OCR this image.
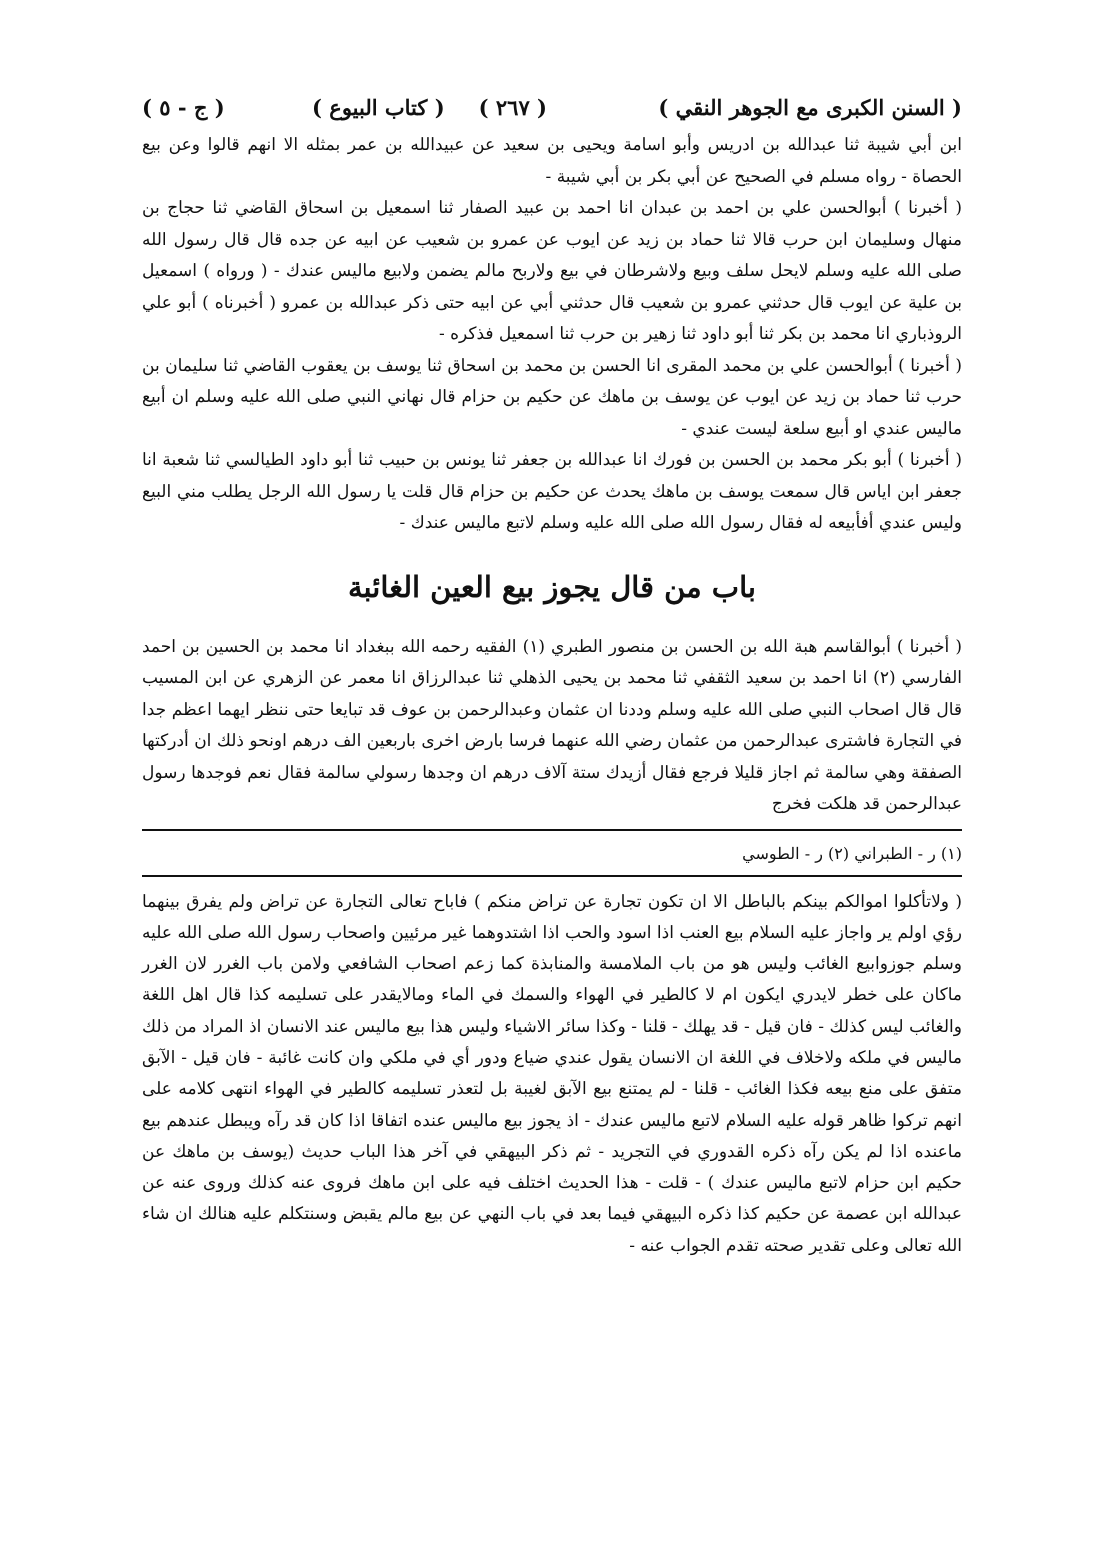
( السنن الكبرى مع الجوهر النقي )
( ٢٦٧ )
( كتاب البيوع )
( ج - ٥ )

ابن أبي شيبة ثنا عبدالله بن ادريس وأبو اسامة ويحيى بن سعيد عن عبيدالله بن عمر بمثله الا انهم قالوا وعن بيع الحصاة - رواه مسلم في الصحيح عن أبي بكر بن أبي شيبة -

( أخبرنا ) أبوالحسن علي بن احمد بن عبدان انا احمد بن عبيد الصفار ثنا اسمعيل بن اسحاق القاضي ثنا حجاج بن منهال وسليمان ابن حرب قالا ثنا حماد بن زيد عن ايوب عن عمرو بن شعيب عن ابيه عن جده قال قال رسول الله صلى الله عليه وسلم لايحل سلف وبيع ولاشرطان في بيع ولاربح مالم يضمن ولابيع ماليس عندك - ( ورواه ) اسمعيل بن علية عن ايوب قال حدثني عمرو بن شعيب قال حدثني أبي عن ابيه حتى ذكر عبدالله بن عمرو ( أخبرناه ) أبو علي الروذباري انا محمد بن بكر ثنا أبو داود ثنا زهير بن حرب ثنا اسمعيل فذكره -

( أخبرنا ) أبوالحسن علي بن محمد المقرى انا الحسن بن محمد بن اسحاق ثنا يوسف بن يعقوب القاضي ثنا سليمان بن حرب ثنا حماد بن زيد عن ايوب عن يوسف بن ماهك عن حكيم بن حزام قال نهاني النبي صلى الله عليه وسلم ان أبيع ماليس عندي او أبيع سلعة ليست عندي -

( أخبرنا ) أبو بكر محمد بن الحسن بن فورك انا عبدالله بن جعفر ثنا يونس بن حبيب ثنا أبو داود الطيالسي ثنا شعبة انا جعفر ابن اياس قال سمعت يوسف بن ماهك يحدث عن حكيم بن حزام قال قلت يا رسول الله الرجل يطلب مني البيع وليس عندي أفأبيعه له فقال رسول الله صلى الله عليه وسلم لاتبع ماليس عندك -

باب من قال يجوز بيع العين الغائبة

( أخبرنا ) أبوالقاسم هبة الله بن الحسن بن منصور الطبري (١) الفقيه رحمه الله ببغداد انا محمد بن الحسين بن احمد الفارسي (٢) انا احمد بن سعيد الثقفي ثنا محمد بن يحيى الذهلي ثنا عبدالرزاق انا معمر عن الزهري عن ابن المسيب قال قال اصحاب النبي صلى الله عليه وسلم وددنا ان عثمان وعبدالرحمن بن عوف قد تبايعا حتى ننظر ايهما اعظم جدا في التجارة فاشترى عبدالرحمن من عثمان رضي الله عنهما فرسا بارض اخرى باربعين الف درهم اونحو ذلك ان أدركتها الصفقة وهي سالمة ثم اجاز قليلا فرجع فقال أزيدك ستة آلاف درهم ان وجدها رسولي سالمة فقال نعم فوجدها رسول عبدالرحمن قد هلكت فخرج

(١) ر - الطبراني (٢) ر - الطوسي

( ولاتأكلوا اموالكم بينكم بالباطل الا ان تكون تجارة عن تراض منكم ) فاباح تعالى التجارة عن تراض ولم يفرق بينهما رؤي اولم ير واجاز عليه السلام بيع العنب اذا اسود والحب اذا اشتدوهما غير مرئيين واصحاب رسول الله صلى الله عليه وسلم جوزوابيع الغائب وليس هو من باب الملامسة والمنابذة كما زعم اصحاب الشافعي ولامن باب الغرر لان الغرر ماكان على خطر لايدري ايكون ام لا كالطير في الهواء والسمك في الماء ومالايقدر على تسليمه كذا قال اهل اللغة والغائب ليس كذلك - فان قيل - قد يهلك - قلنا - وكذا سائر الاشياء وليس هذا بيع ماليس عند الانسان اذ المراد من ذلك ماليس في ملكه ولاخلاف في اللغة ان الانسان يقول عندي ضياع ودور أي في ملكي وان كانت غائبة - فان قيل - الآبق متفق على منع بيعه فكذا الغائب - قلنا - لم يمتنع بيع الآبق لغيبة بل لتعذر تسليمه كالطير في الهواء انتهى كلامه على انهم تركوا ظاهر قوله عليه السلام لاتبع ماليس عندك - اذ يجوز بيع ماليس عنده اتفاقا اذا كان قد رآه ويبطل عندهم بيع ماعنده اذا لم يكن رآه ذكره القدوري في التجريد - ثم ذكر البيهقي في آخر هذا الباب حديث (يوسف بن ماهك عن حكيم ابن حزام لاتبع ماليس عندك ) - قلت - هذا الحديث اختلف فيه على ابن ماهك فروى عنه كذلك وروى عنه عن عبدالله ابن عصمة عن حكيم كذا ذكره البيهقي فيما بعد في باب النهي عن بيع مالم يقبض وسنتكلم عليه هنالك ان شاء الله تعالى وعلى تقدير صحته تقدم الجواب عنه -
